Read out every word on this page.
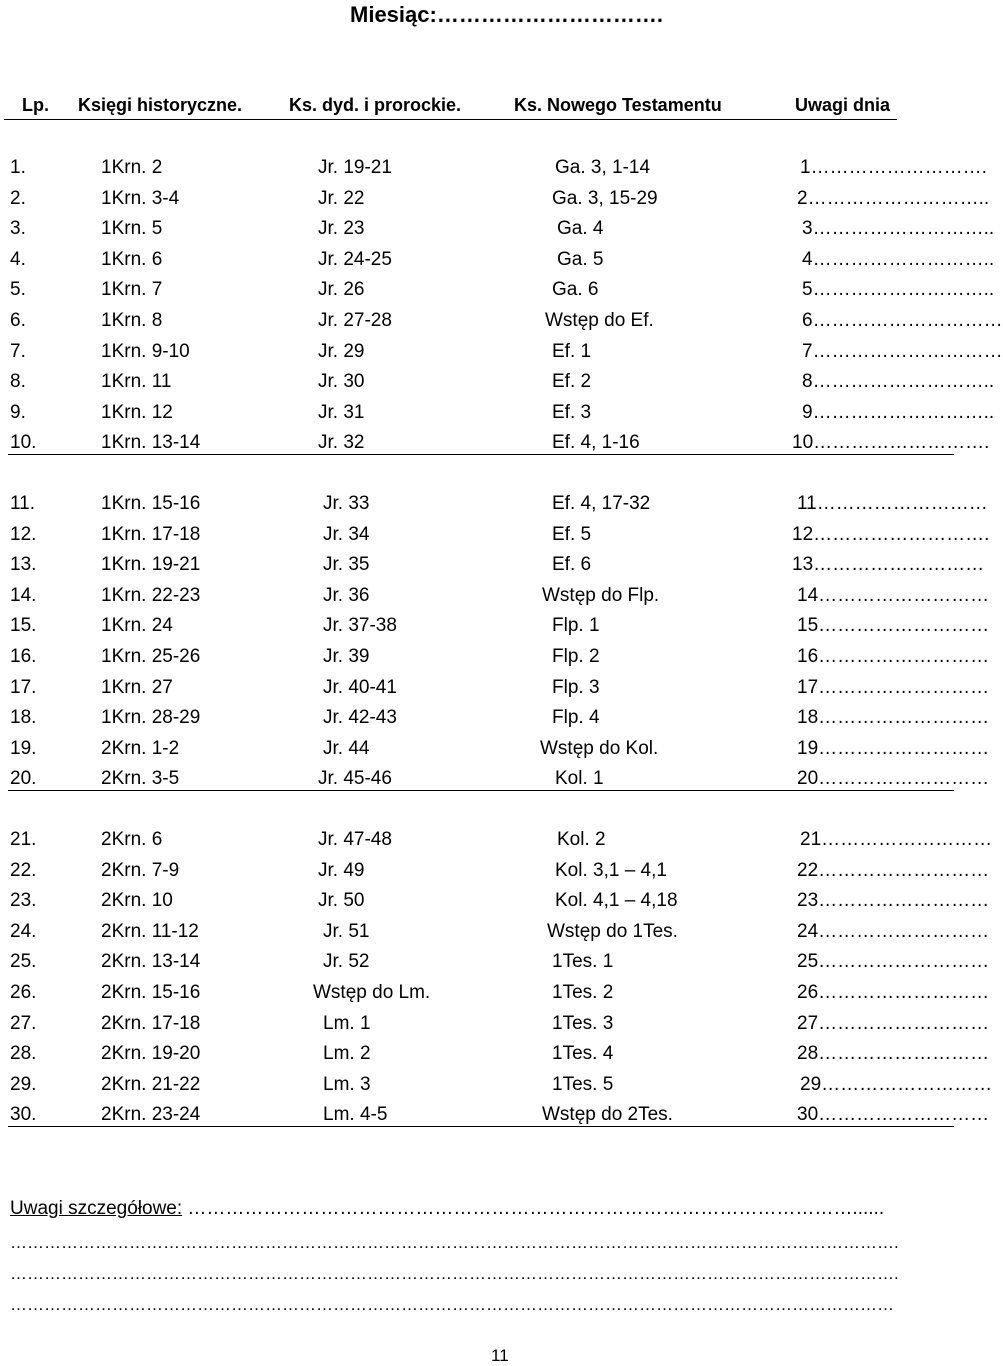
Miesiąc:………………………….
Lp. Księgi historyczne.	Ks. dyd. i prorockie.	Ks. Nowego Testamentu	Uwagi dnia
1.	1Krn. 2	Jr. 19-21	Ga. 3, 1-14	1……………………….
2.	1Krn. 3-4	Jr. 22	Ga. 3, 15-29	2………………………..
3.	1Krn. 5	Jr. 23	Ga. 4	3………………………..
4.	1Krn. 6	Jr. 24-25	Ga. 5	4………………………..
5.	1Krn. 7	Jr. 26	Ga. 6	5………………………..
6.	1Krn. 8	Jr. 27-28	Wstęp do Ef.	6…………………………
7.	1Krn. 9-10	Jr. 29	Ef. 1	7…………………………
8.	1Krn. 11	Jr. 30	Ef. 2	8………………………..
9.	1Krn. 12	Jr. 31	Ef. 3	9………………………..
10.	1Krn. 13-14	Jr. 32	Ef. 4, 1-16	10……………………….
11.	1Krn. 15-16	Jr. 33	Ef. 4, 17-32	11………………………
12.	1Krn. 17-18	Jr. 34	Ef. 5	12……………………….
13.	1Krn. 19-21	Jr. 35	Ef. 6	13………………………
14.	1Krn. 22-23	Jr. 36	Wstęp do Flp.	14………………………
15.	1Krn. 24	Jr. 37-38	Flp. 1	15………………………
16.	1Krn. 25-26	Jr. 39	Flp. 2	16………………………
17.	1Krn. 27	Jr. 40-41	Flp. 3	17………………………
18.	1Krn. 28-29	Jr. 42-43	Flp. 4	18………………………
19.	2Krn. 1-2	Jr. 44	Wstęp do Kol.	19………………………
20.	2Krn. 3-5	Jr. 45-46	Kol. 1	20………………………
21.	2Krn. 6	Jr. 47-48	Kol. 2	21………………………
22.	2Krn. 7-9	Jr. 49	Kol. 3,1 – 4,1	22………………………
23.	2Krn. 10	Jr. 50	Kol. 4,1 – 4,18	23………………………
24.	2Krn. 11-12	Jr. 51	Wstęp do 1Tes.	24………………………
25.	2Krn. 13-14	Jr. 52	1Tes. 1	25………………………
26.	2Krn. 15-16	Wstęp do Lm.	1Tes. 2	26………………………
27.	2Krn. 17-18	Lm. 1	1Tes. 3	27………………………
28.	2Krn. 19-20	Lm. 2	1Tes. 4	28………………………
29.	2Krn. 21-22	Lm. 3	1Tes. 5	29………………………
30.	2Krn. 23-24	Lm. 4-5	Wstęp do 2Tes.	30………………………
Uwagi szczegółowe: ……………………………………………………………………………………………......
………………………………………………………………………………………………………………………………………….
………………………………………………………………………………………………………………………………………….
…………………………………………………………………………………………………………………………………………
11
